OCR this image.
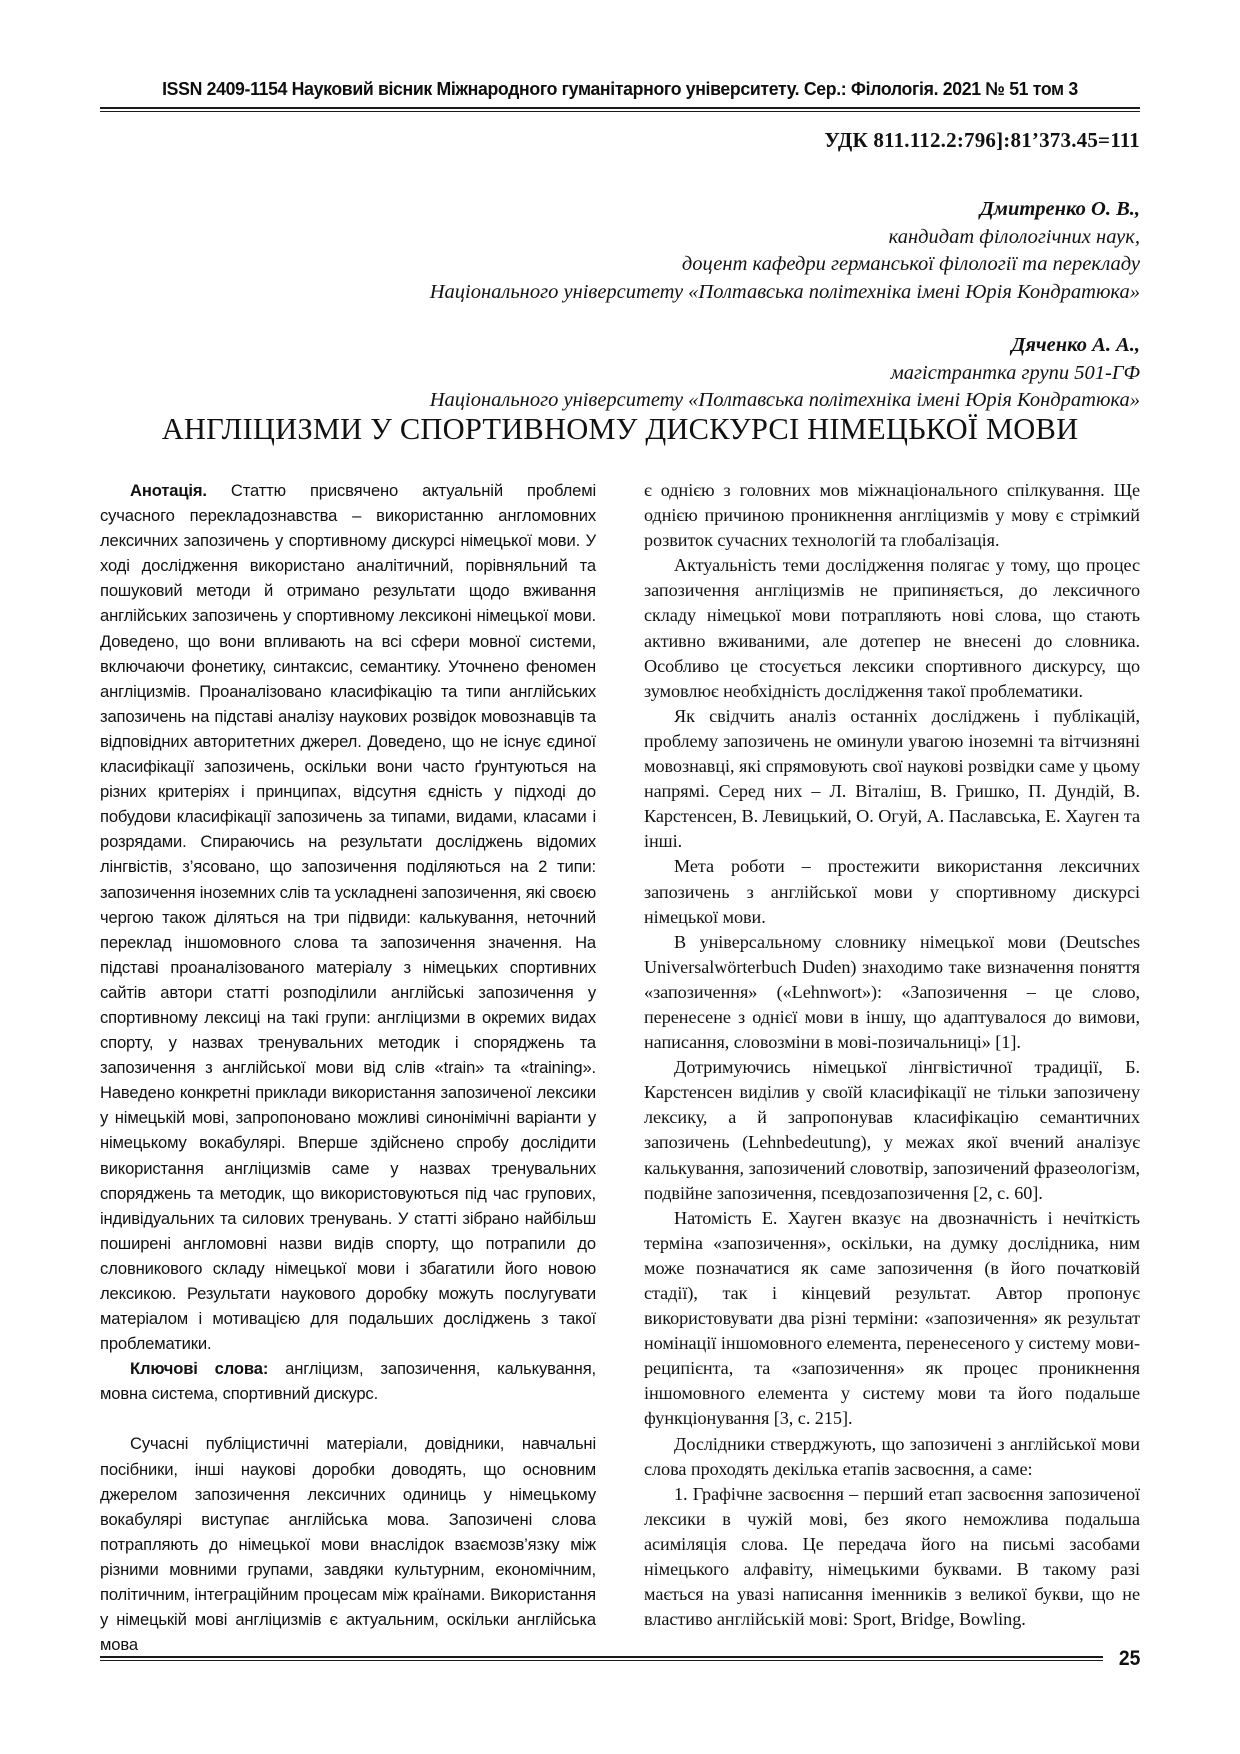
ISSN 2409-1154 Науковий вісник Міжнародного гуманітарного університету. Сер.: Філологія. 2021 № 51 том 3
УДК 811.112.2:796]:81’373.45=111
Дмитренко О. В.,
кандидат філологічних наук,
доцент кафедри германської філології та перекладу
Національного університету «Полтавська політехніка імені Юрія Кондратюка»
Дяченко А. А.,
магістрантка групи 501-ГФ
Національного університету «Полтавська політехніка імені Юрія Кондратюка»
АНГЛІЦИЗМИ У СПОРТИВНОМУ ДИСКУРСІ НІМЕЦЬКОЇ МОВИ

Анотація. Статтю присвячено актуальній проблемі сучасного перекладознавства – використанню англомовних лексичних запозичень у спортивному дискурсі німецької мови. У ході дослідження використано аналітичний, порівняльний та пошуковий методи й отримано результати щодо вживання англійських запозичень у спортивному лексиконі німецької мови. Доведено, що вони впливають на всі сфери мовної системи, включаючи фонетику, синтаксис, семантику. Уточнено феномен англіцизмів. Проаналізовано класифікацію та типи англійських запозичень на підставі аналізу наукових розвідок мовознавців та відповідних авторитетних джерел. Доведено, що не існує єдиної класифікації запозичень, оскільки вони часто ґрунтуються на різних критеріях і принципах, відсутня єдність у підході до побудови класифікації запозичень за типами, видами, класами і розрядами. Спираючись на результати досліджень відомих лінгвістів, з’ясовано, що запозичення поділяються на 2 типи: запозичення іноземних слів та ускладнені запозичення, які своєю чергою також діляться на три підвиди: калькування, неточний переклад іншомовного слова та запозичення значення. На підставі проаналізованого матеріалу з німецьких спортивних сайтів автори статті розподілили англійські запозичення у спортивному лексиці на такі групи: англіцизми в окремих видах спорту, у назвах тренувальних методик і споряджень та запозичення з англійської мови від слів «train» та «training». Наведено конкретні приклади використання запозиченої лексики у німецькій мові, запропоновано можливі синонімічні варіанти у німецькому вокабулярі. Вперше здійснено спробу дослідити використання англіцизмів саме у назвах тренувальних споряджень та методик, що використовуються під час групових, індивідуальних та силових тренувань. У статті зібрано найбільш поширені англомовні назви видів спорту, що потрапили до словникового складу німецької мови і збагатили його новою лексикою. Результати наукового доробку можуть послугувати матеріалом і мотивацією для подальших досліджень з такої проблематики.

Ключові слова: англіцизм, запозичення, калькування, мовна система, спортивний дискурс.

Сучасні публіцистичні матеріали, довідники, навчальні посібники, інші наукові доробки доводять, що основним джерелом запозичення лексичних одиниць у німецькому вокабулярі виступає англійська мова. Запозичені слова потрапляють до німецької мови внаслідок взаємозв’язку між різними мовними групами, завдяки культурним, економічним, політичним, інтеграційним процесам між країнами. Використання у німецькій мові англіцизмів є актуальним, оскільки англійська мова

є однією з головних мов міжнаціонального спілкування. Ще однією причиною проникнення англіцизмів у мову є стрімкий розвиток сучасних технологій та глобалізація.

Актуальність теми дослідження полягає у тому, що процес запозичення англіцизмів не припиняється, до лексичного складу німецької мови потрапляють нові слова, що стають активно вживаними, але дотепер не внесені до словника. Особливо це стосується лексики спортивного дискурсу, що зумовлює необхідність дослідження такої проблематики.

Як свідчить аналіз останніх досліджень і публікацій, проблему запозичень не оминули увагою іноземні та вітчизняні мовознавці, які спрямовують свої наукові розвідки саме у цьому напрямі. Серед них – Л. Віталіш, В. Гришко, П. Дундій, В. Карстенсен, В. Левицький, О. Огуй, А. Паславська, Е. Хауген та інші.

Мета роботи – простежити використання лексичних запозичень з англійської мови у спортивному дискурсі німецької мови.

В універсальному словнику німецької мови (Deutsches Universalwörterbuch Duden) знаходимо таке визначення поняття «запозичення» («Lehnwort»): «Запозичення – це слово, перенесене з однієї мови в іншу, що адаптувалося до вимови, написання, словозміни в мові-позичальниці» [1].

Дотримуючись німецької лінгвістичної традиції, Б. Карстенсен виділив у своїй класифікації не тільки запозичену лексику, а й запропонував класифікацію семантичних запозичень (Lehnbedeutung), у межах якої вчений аналізує калькування, запозичений словотвір, запозичений фразеологізм, подвійне запозичення, псевдозапозичення [2, с. 60].

Натомість Е. Хауген вказує на двозначність і нечіткість терміна «запозичення», оскільки, на думку дослідника, ним може позначатися як саме запозичення (в його початковій стадії), так і кінцевий результат. Автор пропонує використовувати два різні терміни: «запозичення» як результат номінації іншомовного елемента, перенесеного у систему мови-реципієнта, та «запозичення» як процес проникнення іншомовного елемента у систему мови та його подальше функціонування [3, с. 215].

Дослідники стверджують, що запозичені з англійської мови слова проходять декілька етапів засвоєння, а саме:

1. Графічне засвоєння – перший етап засвоєння запозиченої лексики в чужій мові, без якого неможлива подальша асиміляція слова. Це передача його на письмі засобами німецького алфавіту, німецькими буквами. В такому разі мається на увазі написання іменників з великої букви, що не властиво англійській мові: Sport, Bridge, Bowling.

25
